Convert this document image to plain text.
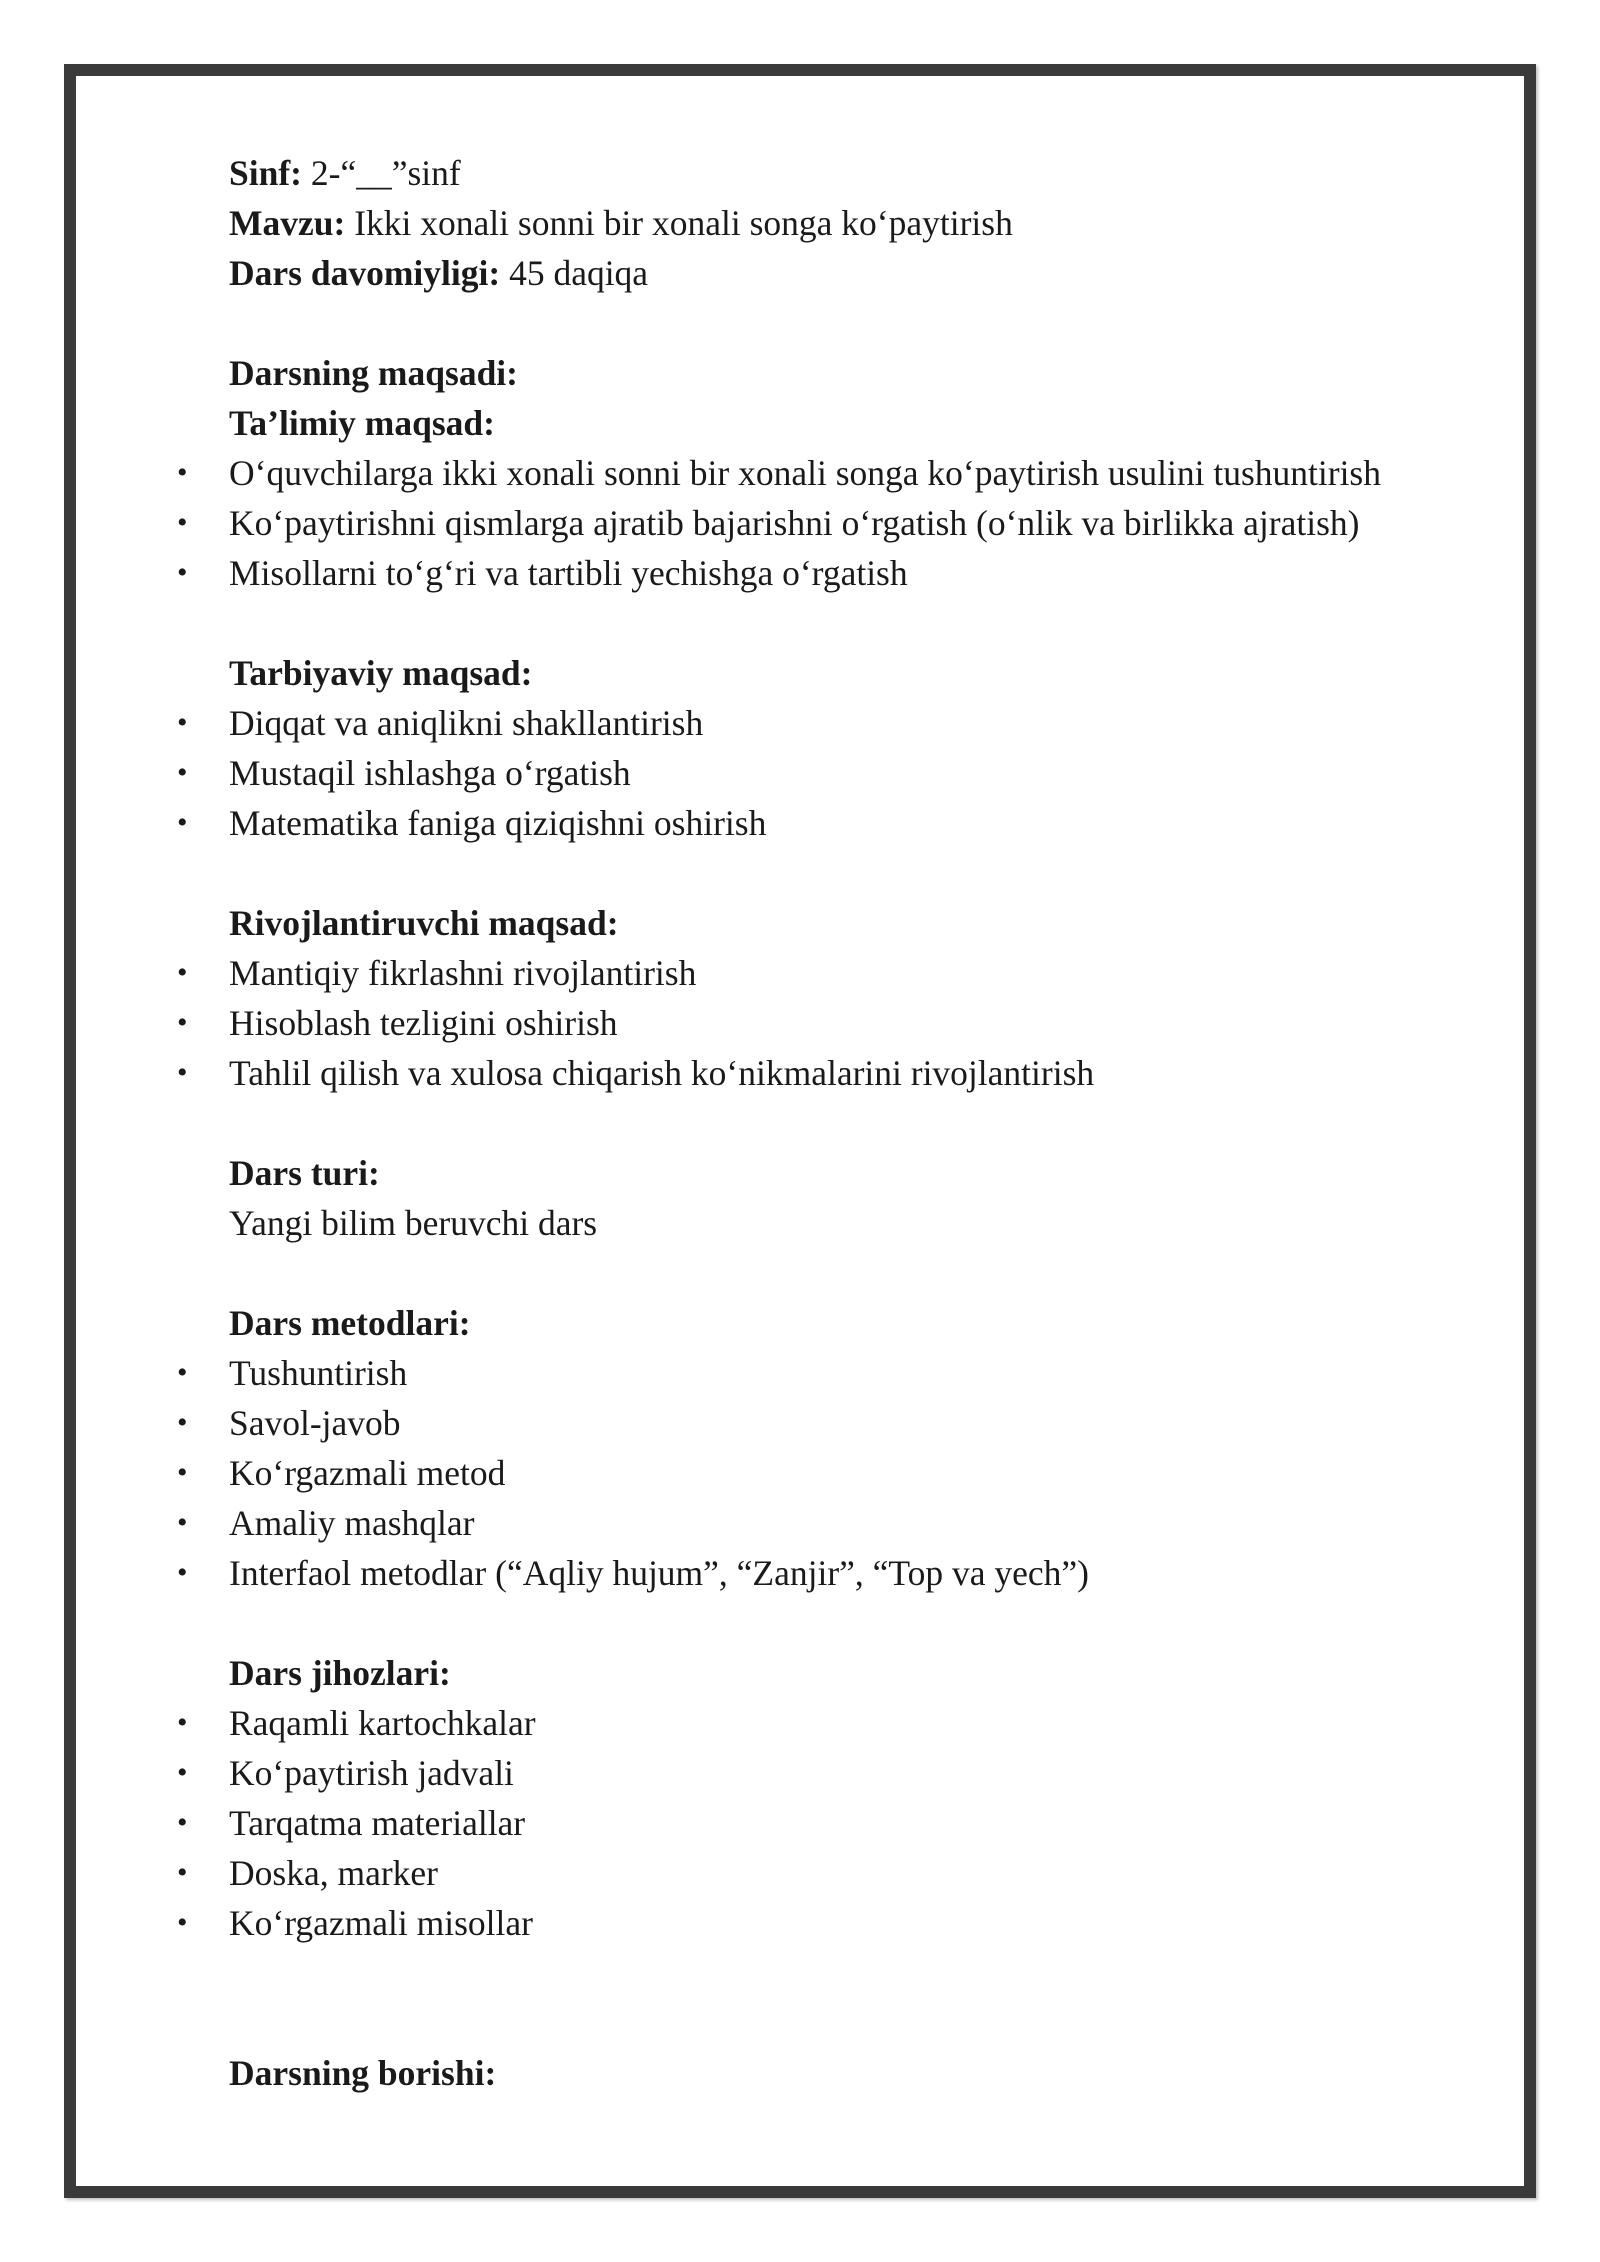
Sinf: 2-“__”sinf

Mavzu: Ikki xonali sonni bir xonali songa ko‘paytirish

Dars davomiyligi: 45 daqiqa

Darsning maqsadi:

Ta’limiy maqsad:

• O‘quvchilarga ikki xonali sonni bir xonali songa ko‘paytirish usulini tushuntirish
• Ko‘paytirishni qismlarga ajratib bajarishni o‘rgatish (o‘nlik va birlikka ajratish)
• Misollarni to‘g‘ri va tartibli yechishga o‘rgatish

Tarbiyaviy maqsad:

• Diqqat va aniqlikni shakllantirish
• Mustaqil ishlashga o‘rgatish
• Matematika faniga qiziqishni oshirish

Rivojlantiruvchi maqsad:

• Mantiqiy fikrlashni rivojlantirish
• Hisoblash tezligini oshirish
• Tahlil qilish va xulosa chiqarish ko‘nikmalarini rivojlantirish

Dars turi:

Yangi bilim beruvchi dars

Dars metodlari:

• Tushuntirish
• Savol-javob
• Ko‘rgazmali metod
• Amaliy mashqlar
• Interfaol metodlar (“Aqliy hujum”, “Zanjir”, “Top va yech”)

Dars jihozlari:

• Raqamli kartochkalar
• Ko‘paytirish jadvali
• Tarqatma materiallar
• Doska, marker
• Ko‘rgazmali misollar

Darsning borishi:
